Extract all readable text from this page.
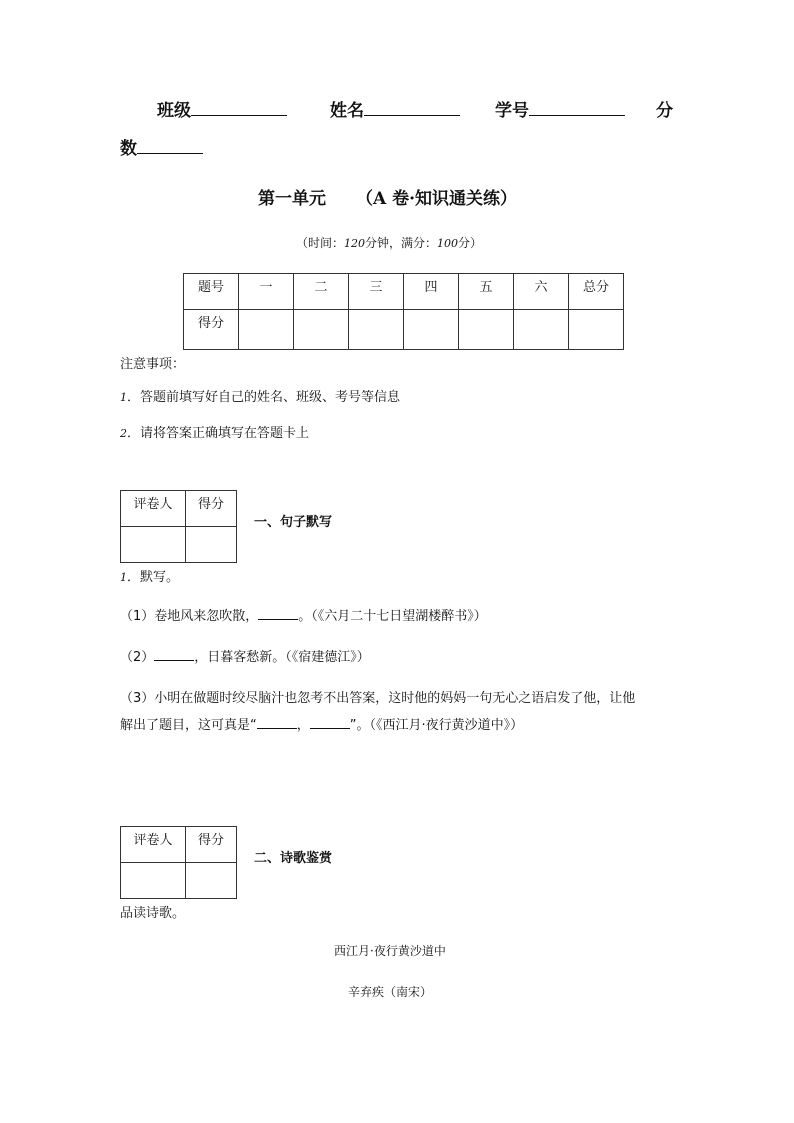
班级	姓名	学号	分
数
第一单元 （A 卷·知识通关练）
（时间：120分钟，满分：100分）
题号	一	二	三	四	五	六	总分
得分							
注意事项：
1．答题前填写好自己的姓名、班级、考号等信息
2．请将答案正确填写在答题卡上
评卷人	得分

一、句子默写
1．默写。
（1）卷地风来忽吹散，	。（《六月二十七日望湖楼醉书》）
（2）	，日暮客愁新。（《宿建德江》）
（3）小明在做题时绞尽脑汁也忽考不出答案，这时他的妈妈一句无心之语启发了他，让他
解出了题目，这可真是“	，	”。（《西江月·夜行黄沙道中》）
评卷人	得分

二、诗歌鉴赏
品读诗歌。
西江月·夜行黄沙道中
辛弃疾（南宋）
